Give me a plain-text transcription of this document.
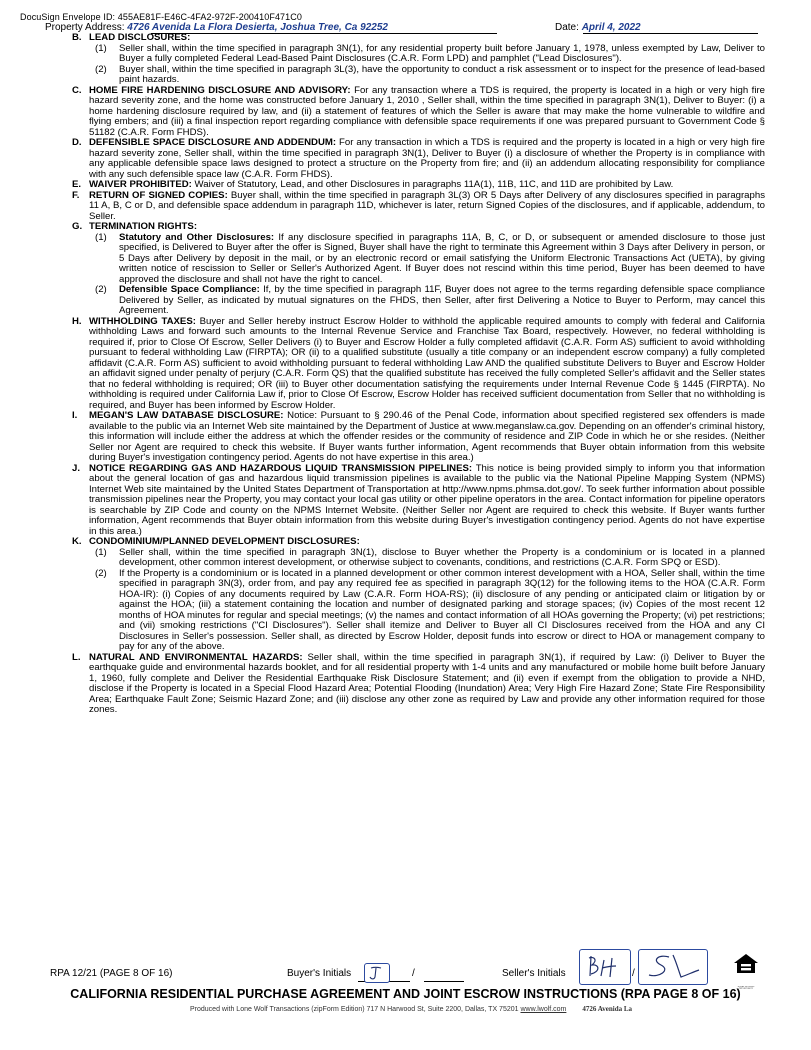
DocuSign Envelope ID: 455AE81F-E46C-4FA2-972F-200410F471C0
Property Address: 4726 Avenida La Flora Desierta, Joshua Tree, Ca 92252	Date: April 4, 2022
B. LEAD DISCLOSURES:
(1) Seller shall, within the time specified in paragraph 3N(1), for any residential property built before January 1, 1978, unless exempted by Law, Deliver to Buyer a fully completed Federal Lead-Based Paint Disclosures (C.A.R. Form LPD) and pamphlet ("Lead Disclosures").
(2) Buyer shall, within the time specified in paragraph 3L(3), have the opportunity to conduct a risk assessment or to inspect for the presence of lead-based paint hazards.
C. HOME FIRE HARDENING DISCLOSURE AND ADVISORY: For any transaction where a TDS is required, the property is located in a high or very high fire hazard severity zone, and the home was constructed before January 1, 2010 , Seller shall, within the time specified in paragraph 3N(1), Deliver to Buyer: (i) a home hardening disclosure required by law, and (ii) a statement of features of which the Seller is aware that may make the home vulnerable to wildfire and flying embers; and (iii) a final inspection report regarding compliance with defensible space requirements if one was prepared pursuant to Government Code § 51182 (C.A.R. Form FHDS).
D. DEFENSIBLE SPACE DISCLOSURE AND ADDENDUM: For any transaction in which a TDS is required and the property is located in a high or very high fire hazard severity zone, Seller shall, within the time specified in paragraph 3N(1), Deliver to Buyer (i) a disclosure of whether the Property is in compliance with any applicable defensible space laws designed to protect a structure on the Property from fire; and (ii) an addendum allocating responsibility for compliance with any such defensible space law (C.A.R. Form FHDS).
E. WAIVER PROHIBITED: Waiver of Statutory, Lead, and other Disclosures in paragraphs 11A(1), 11B, 11C, and 11D are prohibited by Law.
F. RETURN OF SIGNED COPIES: Buyer shall, within the time specified in paragraph 3L(3) OR 5 Days after Delivery of any disclosures specified in paragraphs 11 A, B, C or D, and defensible space addendum in paragraph 11D, whichever is later, return Signed Copies of the disclosures, and if applicable, addendum, to Seller.
G. TERMINATION RIGHTS:
(1) Statutory and Other Disclosures: If any disclosure specified in paragraphs 11A, B, C, or D, or subsequent or amended disclosure to those just specified, is Delivered to Buyer after the offer is Signed, Buyer shall have the right to terminate this Agreement within 3 Days after Delivery in person, or 5 Days after Delivery by deposit in the mail, or by an electronic record or email satisfying the Uniform Electronic Transactions Act (UETA), by giving written notice of rescission to Seller or Seller's Authorized Agent. If Buyer does not rescind within this time period, Buyer has been deemed to have approved the disclosure and shall not have the right to cancel.
(2) Defensible Space Compliance: If, by the time specified in paragraph 11F, Buyer does not agree to the terms regarding defensible space compliance Delivered by Seller, as indicated by mutual signatures on the FHDS, then Seller, after first Delivering a Notice to Buyer to Perform, may cancel this Agreement.
H. WITHHOLDING TAXES: Buyer and Seller hereby instruct Escrow Holder to withhold the applicable required amounts to comply with federal and California withholding Laws and forward such amounts to the Internal Revenue Service and Franchise Tax Board, respectively. However, no federal withholding is required if, prior to Close Of Escrow, Seller Delivers (i) to Buyer and Escrow Holder a fully completed affidavit (C.A.R. Form AS) sufficient to avoid withholding pursuant to federal withholding Law (FIRPTA); OR (ii) to a qualified substitute (usually a title company or an independent escrow company) a fully completed affidavit (C.A.R. Form AS) sufficient to avoid withholding pursuant to federal withholding Law AND the qualified substitute Delivers to Buyer and Escrow Holder an affidavit signed under penalty of perjury (C.A.R. Form QS) that the qualified substitute has received the fully completed Seller's affidavit and the Seller states that no federal withholding is required; OR (iii) to Buyer other documentation satisfying the requirements under Internal Revenue Code § 1445 (FIRPTA). No withholding is required under California Law if, prior to Close Of Escrow, Escrow Holder has received sufficient documentation from Seller that no withholding is required, and Buyer has been informed by Escrow Holder.
I. MEGAN'S LAW DATABASE DISCLOSURE: Notice: Pursuant to § 290.46 of the Penal Code, information about specified registered sex offenders is made available to the public via an Internet Web site maintained by the Department of Justice at www.meganslaw.ca.gov. Depending on an offender's criminal history, this information will include either the address at which the offender resides or the community of residence and ZIP Code in which he or she resides. (Neither Seller nor Agent are required to check this website. If Buyer wants further information, Agent recommends that Buyer obtain information from this website during Buyer's investigation contingency period. Agents do not have expertise in this area.)
J. NOTICE REGARDING GAS AND HAZARDOUS LIQUID TRANSMISSION PIPELINES: This notice is being provided simply to inform you that information about the general location of gas and hazardous liquid transmission pipelines is available to the public via the National Pipeline Mapping System (NPMS) Internet Web site maintained by the United States Department of Transportation at http://www.npms.phmsa.dot.gov/. To seek further information about possible transmission pipelines near the Property, you may contact your local gas utility or other pipeline operators in the area. Contact information for pipeline operators is searchable by ZIP Code and county on the NPMS Internet Website. (Neither Seller nor Agent are required to check this website. If Buyer wants further information, Agent recommends that Buyer obtain information from this website during Buyer's investigation contingency period. Agents do not have expertise in this area.)
K. CONDOMINIUM/PLANNED DEVELOPMENT DISCLOSURES:
(1) Seller shall, within the time specified in paragraph 3N(1), disclose to Buyer whether the Property is a condominium or is located in a planned development, other common interest development, or otherwise subject to covenants, conditions, and restrictions (C.A.R. Form SPQ or ESD).
(2) If the Property is a condominium or is located in a planned development or other common interest development with a HOA, Seller shall, within the time specified in paragraph 3N(3), order from, and pay any required fee as specified in paragraph 3Q(12) for the following items to the HOA (C.A.R. Form HOA-IR): (i) Copies of any documents required by Law (C.A.R. Form HOA-RS); (ii) disclosure of any pending or anticipated claim or litigation by or against the HOA; (iii) a statement containing the location and number of designated parking and storage spaces; (iv) Copies of the most recent 12 months of HOA minutes for regular and special meetings; (v) the names and contact information of all HOAs governing the Property; (vi) pet restrictions; and (vii) smoking restrictions ("CI Disclosures"). Seller shall itemize and Deliver to Buyer all CI Disclosures received from the HOA and any CI Disclosures in Seller's possession. Seller shall, as directed by Escrow Holder, deposit funds into escrow or direct to HOA or management company to pay for any of the above.
L. NATURAL AND ENVIRONMENTAL HAZARDS: Seller shall, within the time specified in paragraph 3N(1), if required by Law: (i) Deliver to Buyer the earthquake guide and environmental hazards booklet, and for all residential property with 1-4 units and any manufactured or mobile home built before January 1, 1960, fully complete and Deliver the Residential Earthquake Risk Disclosure Statement; and (ii) even if exempt from the obligation to provide a NHD, disclose if the Property is located in a Special Flood Hazard Area; Potential Flooding (Inundation) Area; Very High Fire Hazard Zone; State Fire Responsibility Area; Earthquake Fault Zone; Seismic Hazard Zone; and (iii) disclose any other zone as required by Law and provide any other information required for those zones.
RPA 12/21 (PAGE 8 OF 16)	Buyer's Initials	/	Seller's Initials	/
EQUAL HOUSING OPPORTUNITY
CALIFORNIA RESIDENTIAL PURCHASE AGREEMENT AND JOINT ESCROW INSTRUCTIONS (RPA PAGE 8 OF 16)
Produced with Lone Wolf Transactions (zipForm Edition) 717 N Harwood St, Suite 2200, Dallas, TX 75201 www.lwolf.com 4726 Avenida La
